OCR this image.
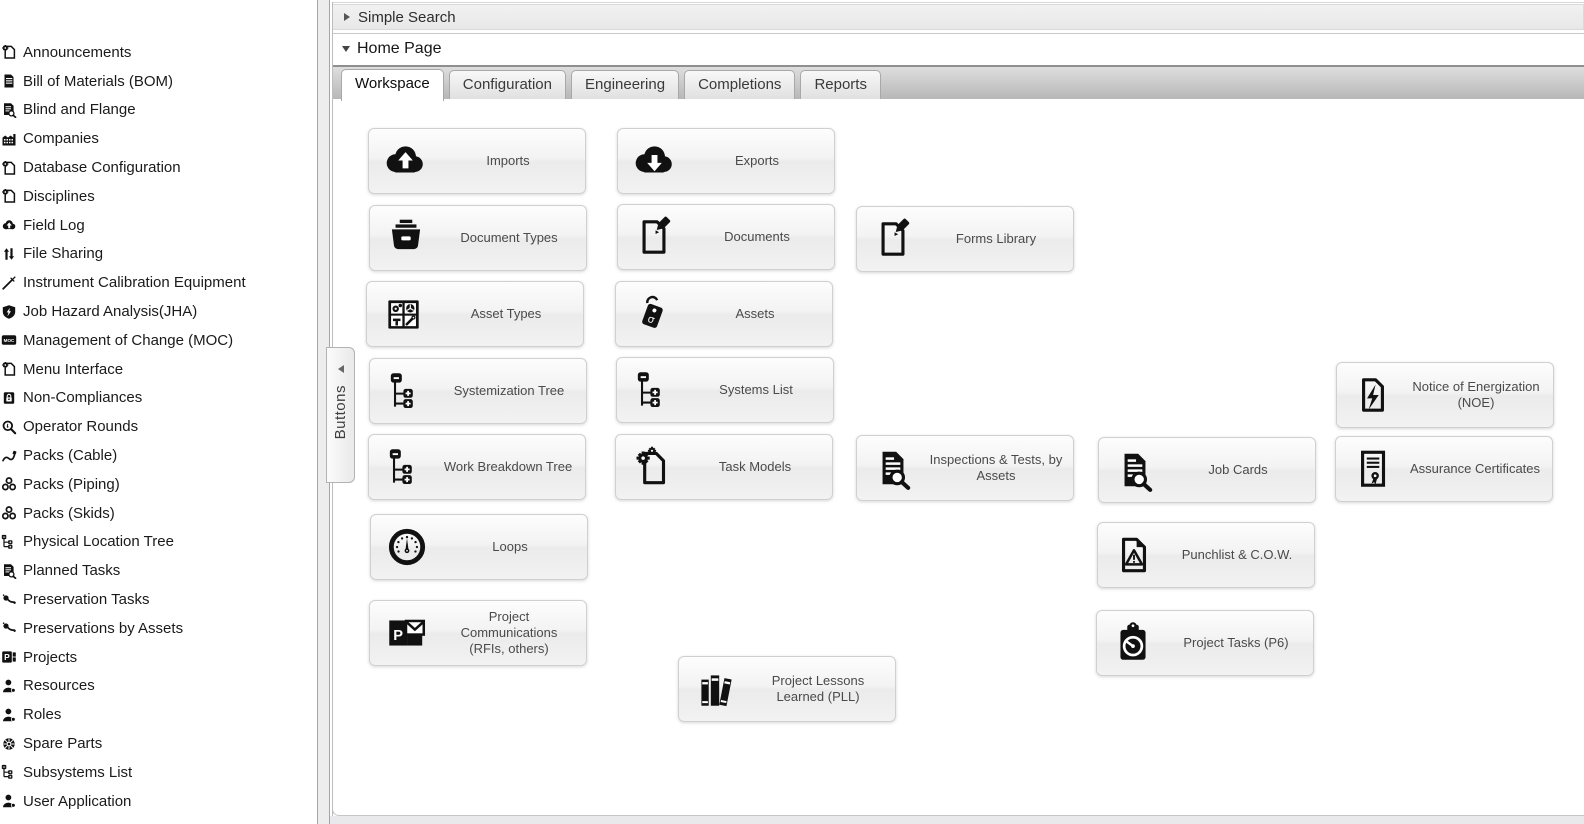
Announcements
Bill of Materials (BOM)
Blind and Flange
Companies
Database Configuration
Disciplines
Field Log
File Sharing
Instrument Calibration Equipment
Job Hazard Analysis(JHA)
Management of Change (MOC)
Menu Interface
Non-Compliances
Operator Rounds
Packs (Cable)
Packs (Piping)
Packs (Skids)
Physical Location Tree
Planned Tasks
Preservation Tasks
Preservations by Assets
Projects
Resources
Roles
Spare Parts
Subsystems List
User Application
Simple Search
Home Page
Workspace	Configuration	Engineering	Completions	Reports
Imports	Exports
Document Types	Documents	Forms Library
Asset Types	Assets
Systemization Tree	Systems List	Notice of Energization (NOE)
Work Breakdown Tree	Task Models	Inspections & Tests, by Assets	Job Cards	Assurance Certificates
Loops
Punchlist & C.O.W.
Project Communications (RFIs, others)	Project Tasks (P6)
Project Lessons Learned (PLL)
Buttons
